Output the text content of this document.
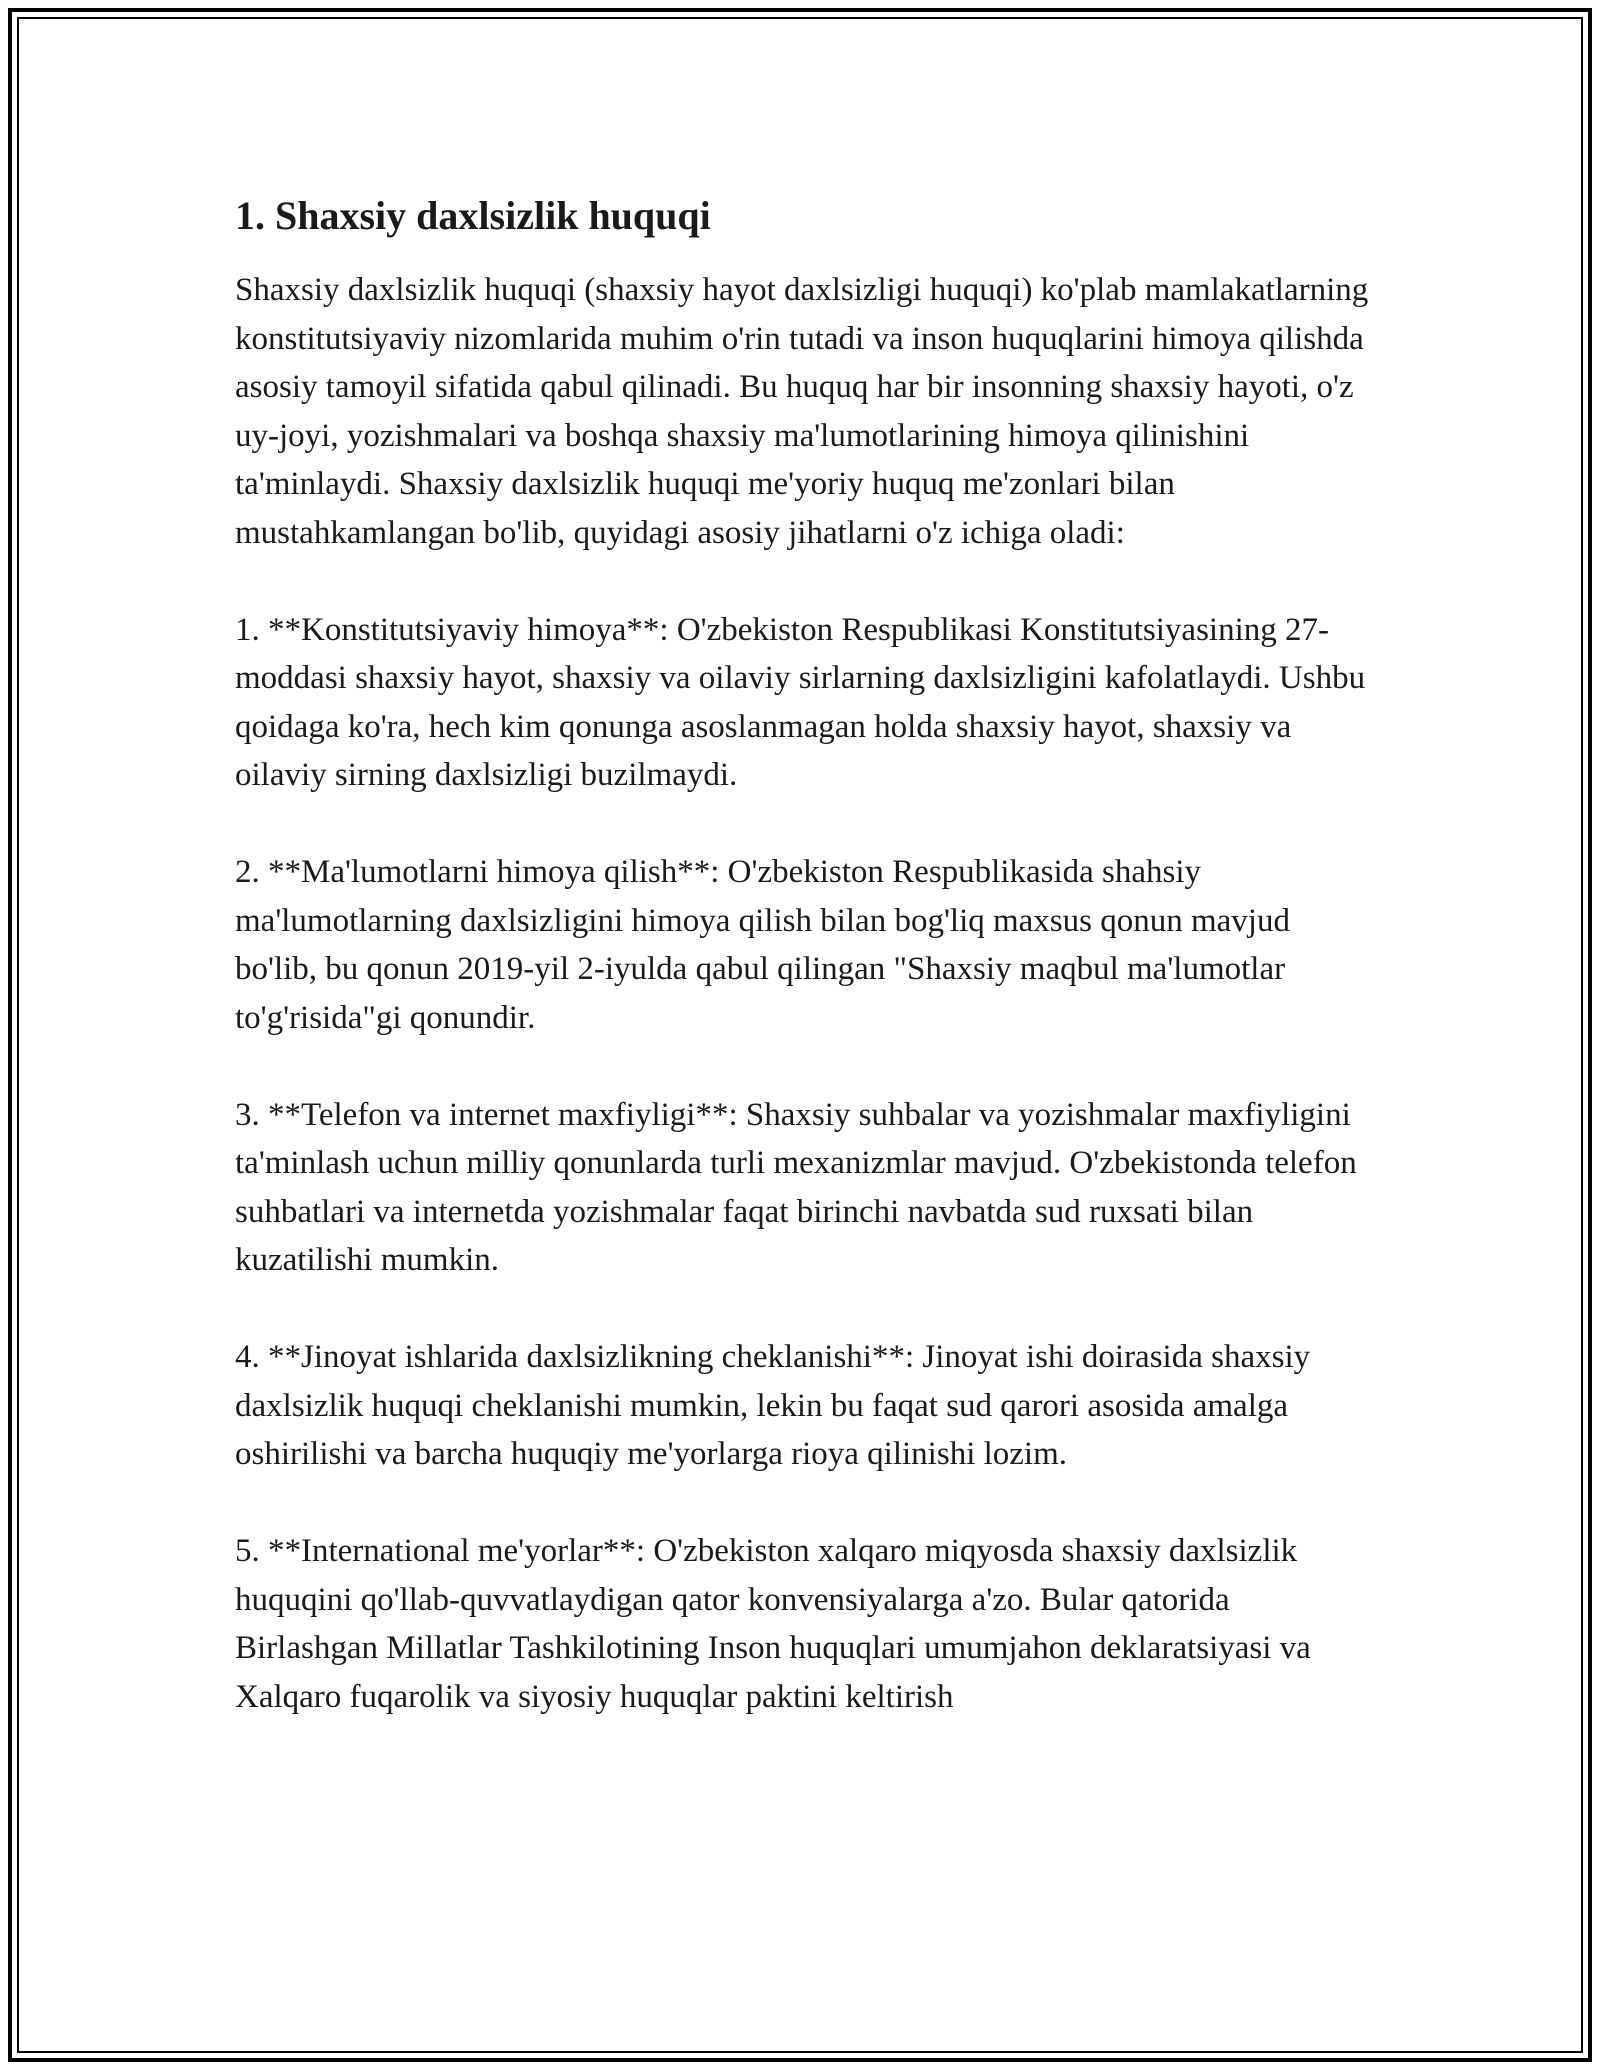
1. Shaxsiy daxlsizlik huquqi

Shaxsiy daxlsizlik huquqi (shaxsiy hayot daxlsizligi huquqi) ko'plab mamlakatlarning konstitutsiyaviy nizomlarida muhim o'rin tutadi va inson huquqlarini himoya qilishda asosiy tamoyil sifatida qabul qilinadi. Bu huquq har bir insonning shaxsiy hayoti, o'z uy-joyi, yozishmalari va boshqa shaxsiy ma'lumotlarining himoya qilinishini ta'minlaydi. Shaxsiy daxlsizlik huquqi me'yoriy huquq me'zonlari bilan mustahkamlangan bo'lib, quyidagi asosiy jihatlarni o'z ichiga oladi:

1. **Konstitutsiyaviy himoya**: O'zbekiston Respublikasi Konstitutsiyasining 27-moddasi shaxsiy hayot, shaxsiy va oilaviy sirlarning daxlsizligini kafolatlaydi. Ushbu qoidaga ko'ra, hech kim qonunga asoslanmagan holda shaxsiy hayot, shaxsiy va oilaviy sirning daxlsizligi buzilmaydi.

2. **Ma'lumotlarni himoya qilish**: O'zbekiston Respublikasida shahsiy ma'lumotlarning daxlsizligini himoya qilish bilan bog'liq maxsus qonun mavjud bo'lib, bu qonun 2019-yil 2-iyulda qabul qilingan "Shaxsiy maqbul ma'lumotlar to'g'risida"gi qonundir.

3. **Telefon va internet maxfiyligi**: Shaxsiy suhbalar va yozishmalar maxfiyligini ta'minlash uchun milliy qonunlarda turli mexanizmlar mavjud. O'zbekistonda telefon suhbatlari va internetda yozishmalar faqat birinchi navbatda sud ruxsati bilan kuzatilishi mumkin.

4. **Jinoyat ishlarida daxlsizlikning cheklanishi**: Jinoyat ishi doirasida shaxsiy daxlsizlik huquqi cheklanishi mumkin, lekin bu faqat sud qarori asosida amalga oshirilishi va barcha huquqiy me'yorlarga rioya qilinishi lozim.

5. **International me'yorlar**: O'zbekiston xalqaro miqyosda shaxsiy daxlsizlik huquqini qo'llab-quvvatlaydigan qator konvensiyalarga a'zo. Bular qatorida Birlashgan Millatlar Tashkilotining Inson huquqlari umumjahon deklaratsiyasi va Xalqaro fuqarolik va siyosiy huquqlar paktini keltirish
